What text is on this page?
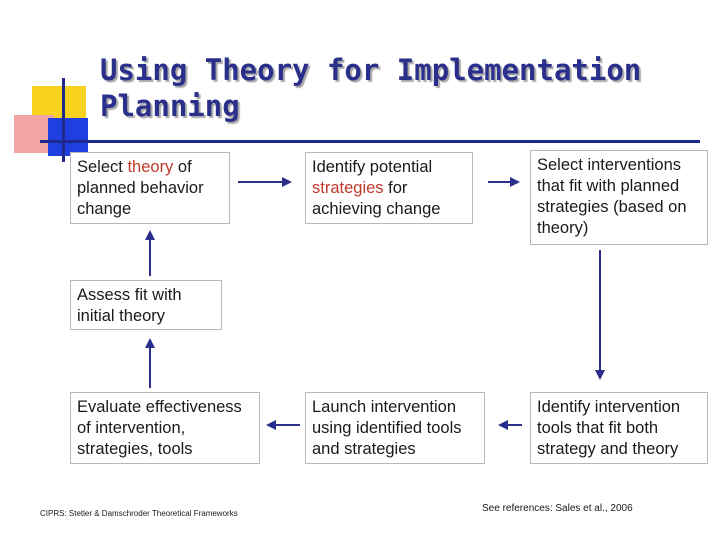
Using Theory for Implementation
Planning
Select theory of planned behavior change
Identify potential strategies for achieving change
Select interventions that fit with planned strategies (based on theory)
Assess fit with initial theory
Evaluate effectiveness of intervention, strategies, tools
Launch intervention using identified tools and strategies
Identify intervention tools that fit both strategy and theory
CIPRS: Stetler & Damschroder Theoretical Frameworks	See references: Sales et al., 2006
